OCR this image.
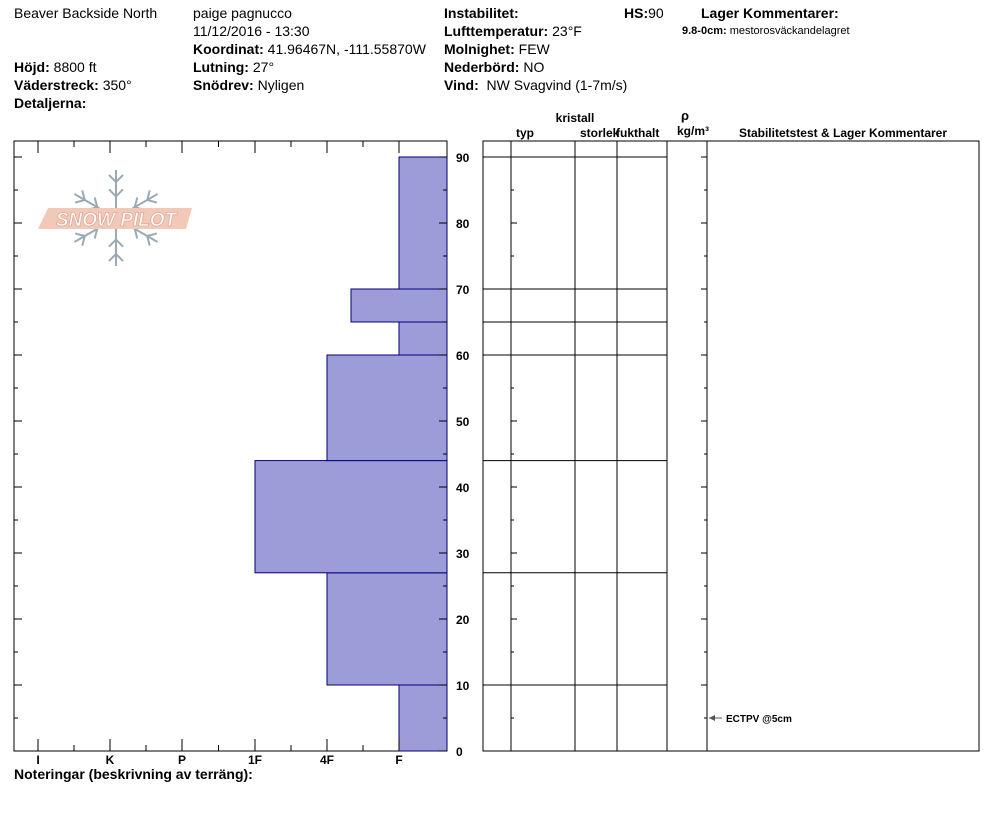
Beaver Backside North	paige pagnucco
11/12/2016 - 13:30
Koordinat: 41.96467N, -111.55870W
Höjd: 8800 ft
Väderstreck: 350°
Detaljerna:
Lutning: 27°
Snödrev: Nyligen
Instabilitet:	HS:90
Lufttemperatur: 23°F
Molnighet: FEW
Nederbörd: NO
Vind: NW Svagvind (1-7m/s)
Lager Kommentarer:
9.8-0cm: mestorosväckandelagret
SNOW PILOT
I	K	P	1F	4F	F
0
10
20
30
40
50
60
70
80
90
kristall
typ	storlek
fukthalt
ρ
kg/m³ Stabilitetstest & Lager Kommentarer
ECTPV @5cm
Noteringar (beskrivning av terräng):
